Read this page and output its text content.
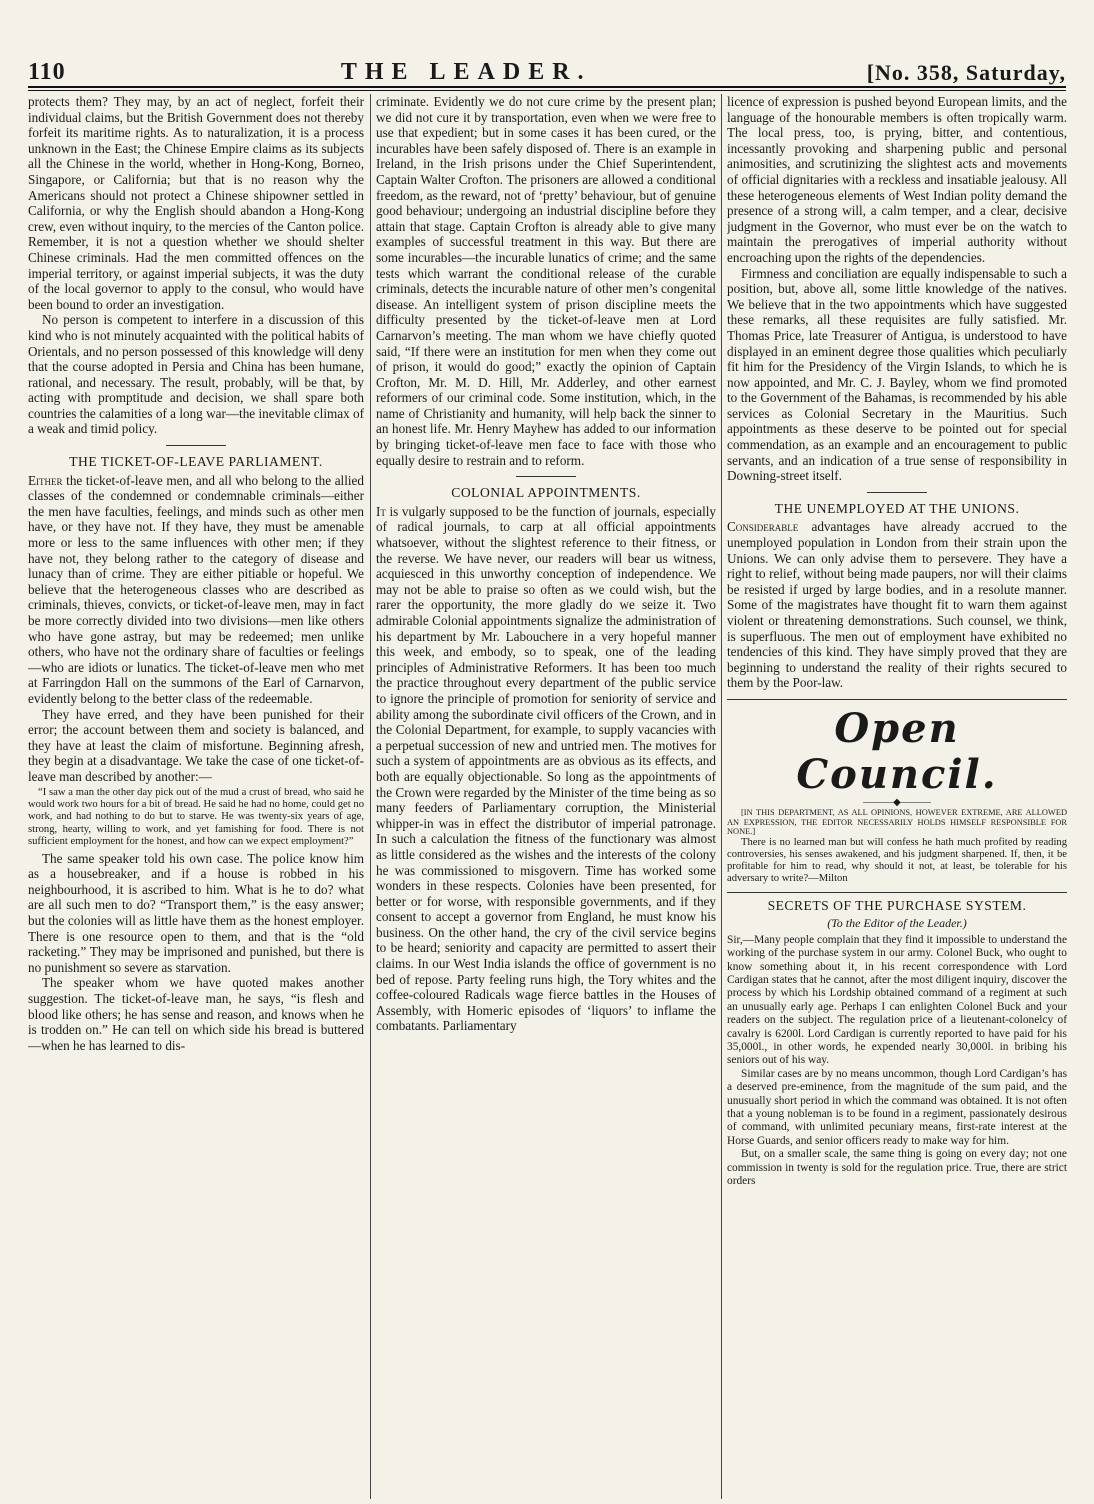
110	THE LEADER.	[No. 358, Saturday,

protects them? They may, by an act of neglect, forfeit their individual claims, but the British Government does not thereby forfeit its maritime rights. As to naturalization, it is a process unknown in the East; the Chinese Empire claims as its subjects all the Chinese in the world, whether in Hong-Kong, Borneo, Singapore, or California; but that is no reason why the Americans should not protect a Chinese shipowner settled in California, or why the English should abandon a Hong-Kong crew, even without inquiry, to the mercies of the Canton police. Remember, it is not a question whether we should shelter Chinese criminals. Had the men committed offences on the imperial territory, or against imperial subjects, it was the duty of the local governor to apply to the consul, who would have been bound to order an investigation.

No person is competent to interfere in a discussion of this kind who is not minutely acquainted with the political habits of Orientals, and no person possessed of this knowledge will deny that the course adopted in Persia and China has been humane, rational, and necessary. The result, probably, will be that, by acting with promptitude and decision, we shall spare both countries the calamities of a long war—the inevitable climax of a weak and timid policy.

THE TICKET-OF-LEAVE PARLIAMENT.

Either the ticket-of-leave men, and all who belong to the allied classes of the condemned or condemnable criminals—either the men have faculties, feelings, and minds such as other men have, or they have not. If they have, they must be amenable more or less to the same influences with other men; if they have not, they belong rather to the category of disease and lunacy than of crime. They are either pitiable or hopeful. We believe that the heterogeneous classes who are described as criminals, thieves, convicts, or ticket-of-leave men, may in fact be more correctly divided into two divisions—men like others who have gone astray, but may be redeemed; men unlike others, who have not the ordinary share of faculties or feelings—who are idiots or lunatics. The ticket-of-leave men who met at Farringdon Hall on the summons of the Earl of Carnarvon, evidently belong to the better class of the redeemable.

They have erred, and they have been punished for their error; the account between them and society is balanced, and they have at least the claim of misfortune. Beginning afresh, they begin at a disadvantage. We take the case of one ticket-of-leave man described by another:—

“I saw a man the other day pick out of the mud a crust of bread, who said he would work two hours for a bit of bread. He said he had no home, could get no work, and had nothing to do but to starve. He was twenty-six years of age, strong, hearty, willing to work, and yet famishing for food. There is not sufficient employment for the honest, and how can we expect employment?”

The same speaker told his own case. The police know him as a housebreaker, and if a house is robbed in his neighbourhood, it is ascribed to him. What is he to do? what are all such men to do? “Transport them,” is the easy answer; but the colonies will as little have them as the honest employer. There is one resource open to them, and that is the “old racketing.” They may be imprisoned and punished, but there is no punishment so severe as starvation.

The speaker whom we have quoted makes another suggestion. The ticket-of-leave man, he says, “is flesh and blood like others; he has sense and reason, and knows when he is trodden on.” He can tell on which side his bread is buttered—when he has learned to dis-

criminate. Evidently we do not cure crime by the present plan; we did not cure it by transportation, even when we were free to use that expedient; but in some cases it has been cured, or the incurables have been safely disposed of. There is an example in Ireland, in the Irish prisons under the Chief Superintendent, Captain Walter Crofton. The prisoners are allowed a conditional freedom, as the reward, not of ‘pretty’ behaviour, but of genuine good behaviour; undergoing an industrial discipline before they attain that stage. Captain Crofton is already able to give many examples of successful treatment in this way. But there are some incurables—the incurable lunatics of crime; and the same tests which warrant the conditional release of the curable criminals, detects the incurable nature of other men’s congenital disease. An intelligent system of prison discipline meets the difficulty presented by the ticket-of-leave men at Lord Carnarvon’s meeting. The man whom we have chiefly quoted said, “If there were an institution for men when they come out of prison, it would do good;” exactly the opinion of Captain Crofton, Mr. M. D. Hill, Mr. Adderley, and other earnest reformers of our criminal code. Some institution, which, in the name of Christianity and humanity, will help back the sinner to an honest life. Mr. Henry Mayhew has added to our information by bringing ticket-of-leave men face to face with those who equally desire to restrain and to reform.

COLONIAL APPOINTMENTS.

It is vulgarly supposed to be the function of journals, especially of radical journals, to carp at all official appointments whatsoever, without the slightest reference to their fitness, or the reverse. We have never, our readers will bear us witness, acquiesced in this unworthy conception of independence. We may not be able to praise so often as we could wish, but the rarer the opportunity, the more gladly do we seize it. Two admirable Colonial appointments signalize the administration of his department by Mr. Labouchere in a very hopeful manner this week, and embody, so to speak, one of the leading principles of Administrative Reformers. It has been too much the practice throughout every department of the public service to ignore the principle of promotion for seniority of service and ability among the subordinate civil officers of the Crown, and in the Colonial Department, for example, to supply vacancies with a perpetual succession of new and untried men. The motives for such a system of appointments are as obvious as its effects, and both are equally objectionable. So long as the appointments of the Crown were regarded by the Minister of the time being as so many feeders of Parliamentary corruption, the Ministerial whipper-in was in effect the distributor of imperial patronage. In such a calculation the fitness of the functionary was almost as little considered as the wishes and the interests of the colony he was commissioned to misgovern. Time has worked some wonders in these respects. Colonies have been presented, for better or for worse, with responsible governments, and if they consent to accept a governor from England, he must know his business. On the other hand, the cry of the civil service begins to be heard; seniority and capacity are permitted to assert their claims. In our West India islands the office of government is no bed of repose. Party feeling runs high, the Tory whites and the coffee-coloured Radicals wage fierce battles in the Houses of Assembly, with Homeric episodes of ‘liquors’ to inflame the combatants. Parliamentary

licence of expression is pushed beyond European limits, and the language of the honourable members is often tropically warm. The local press, too, is prying, bitter, and contentious, incessantly provoking and sharpening public and personal animosities, and scrutinizing the slightest acts and movements of official dignitaries with a reckless and insatiable jealousy. All these heterogeneous elements of West Indian polity demand the presence of a strong will, a calm temper, and a clear, decisive judgment in the Governor, who must ever be on the watch to maintain the prerogatives of imperial authority without encroaching upon the rights of the dependencies.

Firmness and conciliation are equally indispensable to such a position, but, above all, some little knowledge of the natives. We believe that in the two appointments which have suggested these remarks, all these requisites are fully satisfied. Mr. Thomas Price, late Treasurer of Antigua, is understood to have displayed in an eminent degree those qualities which peculiarly fit him for the Presidency of the Virgin Islands, to which he is now appointed, and Mr. C. J. Bayley, whom we find promoted to the Government of the Bahamas, is recommended by his able services as Colonial Secretary in the Mauritius. Such appointments as these deserve to be pointed out for special commendation, as an example and an encouragement to public servants, and an indication of a true sense of responsibility in Downing-street itself.

THE UNEMPLOYED AT THE UNIONS.

Considerable advantages have already accrued to the unemployed population in London from their strain upon the Unions. We can only advise them to persevere. They have a right to relief, without being made paupers, nor will their claims be resisted if urged by large bodies, and in a resolute manner. Some of the magistrates have thought fit to warn them against violent or threatening demonstrations. Such counsel, we think, is superfluous. The men out of employment have exhibited no tendencies of this kind. They have simply proved that they are beginning to understand the reality of their rights secured to them by the Poor-law.

Open Council.
———◆———

[IN THIS DEPARTMENT, AS ALL OPINIONS, HOWEVER EXTREME, ARE ALLOWED AN EXPRESSION, THE EDITOR NECESSARILY HOLDS HIMSELF RESPONSIBLE FOR NONE.]

There is no learned man but will confess he hath much profited by reading controversies, his senses awakened, and his judgment sharpened. If, then, it be profitable for him to read, why should it not, at least, be tolerable for his adversary to write?—Milton

SECRETS OF THE PURCHASE SYSTEM.
(To the Editor of the Leader.)

Sir,—Many people complain that they find it impossible to understand the working of the purchase system in our army. Colonel Buck, who ought to know something about it, in his recent correspondence with Lord Cardigan states that he cannot, after the most diligent inquiry, discover the process by which his Lordship obtained command of a regiment at such an unusually early age. Perhaps I can enlighten Colonel Buck and your readers on the subject. The regulation price of a lieutenant-colonelcy of cavalry is 6200l. Lord Cardigan is currently reported to have paid for his 35,000l., in other words, he expended nearly 30,000l. in bribing his seniors out of his way.

Similar cases are by no means uncommon, though Lord Cardigan’s has a deserved pre-eminence, from the magnitude of the sum paid, and the unusually short period in which the command was obtained. It is not often that a young nobleman is to be found in a regiment, passionately desirous of command, with unlimited pecuniary means, first-rate interest at the Horse Guards, and senior officers ready to make way for him.

But, on a smaller scale, the same thing is going on every day; not one commission in twenty is sold for the regulation price. True, there are strict orders
